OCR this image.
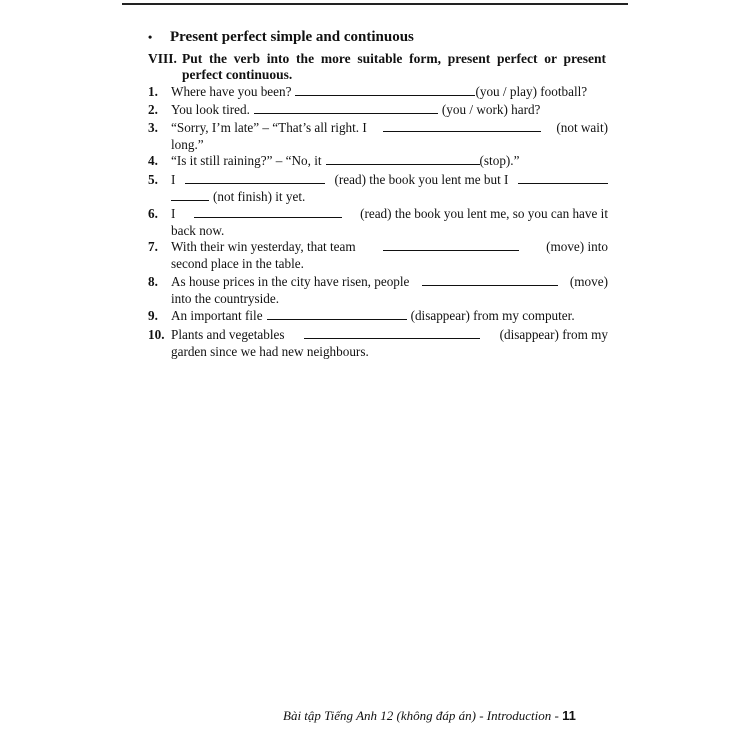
• Present perfect simple and continuous
VIII. Put the verb into the more suitable form, present perfect or present
perfect continuous.
1. Where have you been?	(you / play) football?
2. You look tired.	(you / work) hard?
3. “Sorry, I’m late” – “That’s all right. I	(not wait)
long.”
4. “Is it still raining?” – “No, it	(stop).”
5. I	(read) the book you lent me but I
(not finish) it yet.
6. I	(read) the book you lent me, so you can have it
back now.
7. With their win yesterday, that team	(move) into
second place in the table.
8. As house prices in the city have risen, people	(move)
into the countryside.
9. An important file	(disappear) from my computer.
10. Plants and vegetables	(disappear) from my
garden since we had new neighbours.
Bài tập Tiếng Anh 12 (không đáp án) - Introduction - 11
